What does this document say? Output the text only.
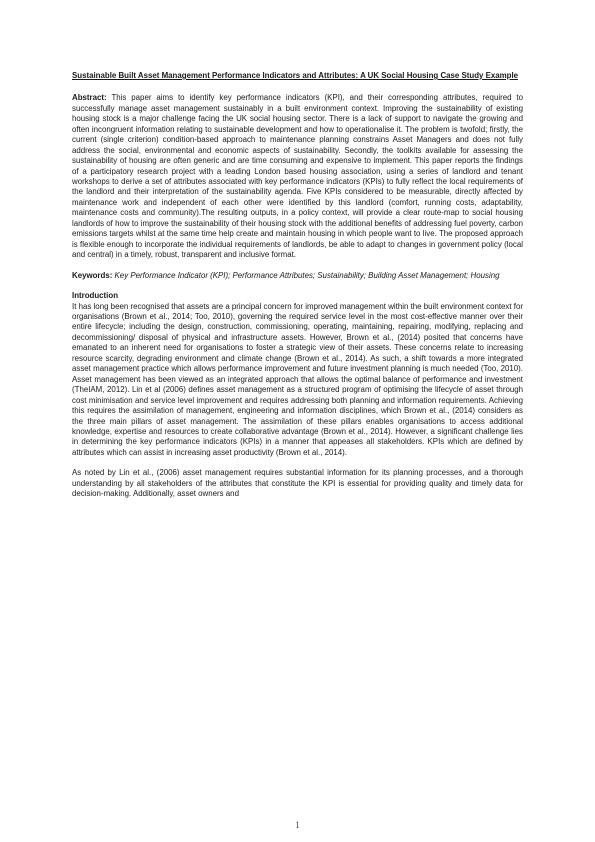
Sustainable Built Asset Management Performance Indicators and Attributes: A UK Social Housing Case Study Example

Abstract: This paper aims to identify key performance indicators (KPI), and their corresponding attributes, required to successfully manage asset management sustainably in a built environment context. Improving the sustainability of existing housing stock is a major challenge facing the UK social housing sector. There is a lack of support to navigate the growing and often incongruent information relating to sustainable development and how to operationalise it. The problem is twofold; firstly, the current (single criterion) condition-based approach to maintenance planning constrains Asset Managers and does not fully address the social, environmental and economic aspects of sustainability. Secondly, the toolkits available for assessing the sustainability of housing are often generic and are time consuming and expensive to implement. This paper reports the findings of a participatory research project with a leading London based housing association, using a series of landlord and tenant workshops to derive a set of attributes associated with key performance indicators (KPIs) to fully reflect the local requirements of the landlord and their interpretation of the sustainability agenda. Five KPIs considered to be measurable, directly affected by maintenance work and independent of each other were identified by this landlord (comfort, running costs, adaptability, maintenance costs and community).The resulting outputs, in a policy context, will provide a clear route-map to social housing landlords of how to improve the sustainability of their housing stock with the additional benefits of addressing fuel poverty, carbon emissions targets whilst at the same time help create and maintain housing in which people want to live. The proposed approach is flexible enough to incorporate the individual requirements of landlords, be able to adapt to changes in government policy (local and central) in a timely, robust, transparent and inclusive format.

Keywords: Key Performance Indicator (KPI); Performance Attributes; Sustainability; Building Asset Management; Housing

Introduction

It has long been recognised that assets are a principal concern for improved management within the built environment context for organisations (Brown et al., 2014; Too, 2010), governing the required service level in the most cost-effective manner over their entire lifecycle; including the design, construction, commissioning, operating, maintaining, repairing, modifying, replacing and decommissioning/ disposal of physical and infrastructure assets. However, Brown et al., (2014) posited that concerns have emanated to an inherent need for organisations to foster a strategic view of their assets. These concerns relate to increasing resource scarcity, degrading environment and climate change (Brown et al., 2014). As such, a shift towards a more integrated asset management practice which allows performance improvement and future investment planning is much needed (Too, 2010). Asset management has been viewed as an integrated approach that allows the optimal balance of performance and investment (TheIAM, 2012). Lin et al (2006) defines asset management as a structured program of optimising the lifecycle of asset through cost minimisation and service level improvement and requires addressing both planning and information requirements. Achieving this requires the assimilation of management, engineering and information disciplines, which Brown et al., (2014) considers as the three main pillars of asset management. The assimilation of these pillars enables organisations to access additional knowledge, expertise and resources to create collaborative advantage (Brown et al., 2014). However, a significant challenge lies in determining the key performance indicators (KPIs) in a manner that appeases all stakeholders. KPIs which are defined by attributes which can assist in increasing asset productivity (Brown et al., 2014).

As noted by Lin et al., (2006) asset management requires substantial information for its planning processes, and a thorough understanding by all stakeholders of the attributes that constitute the KPI is essential for providing quality and timely data for decision-making. Additionally, asset owners and

1
